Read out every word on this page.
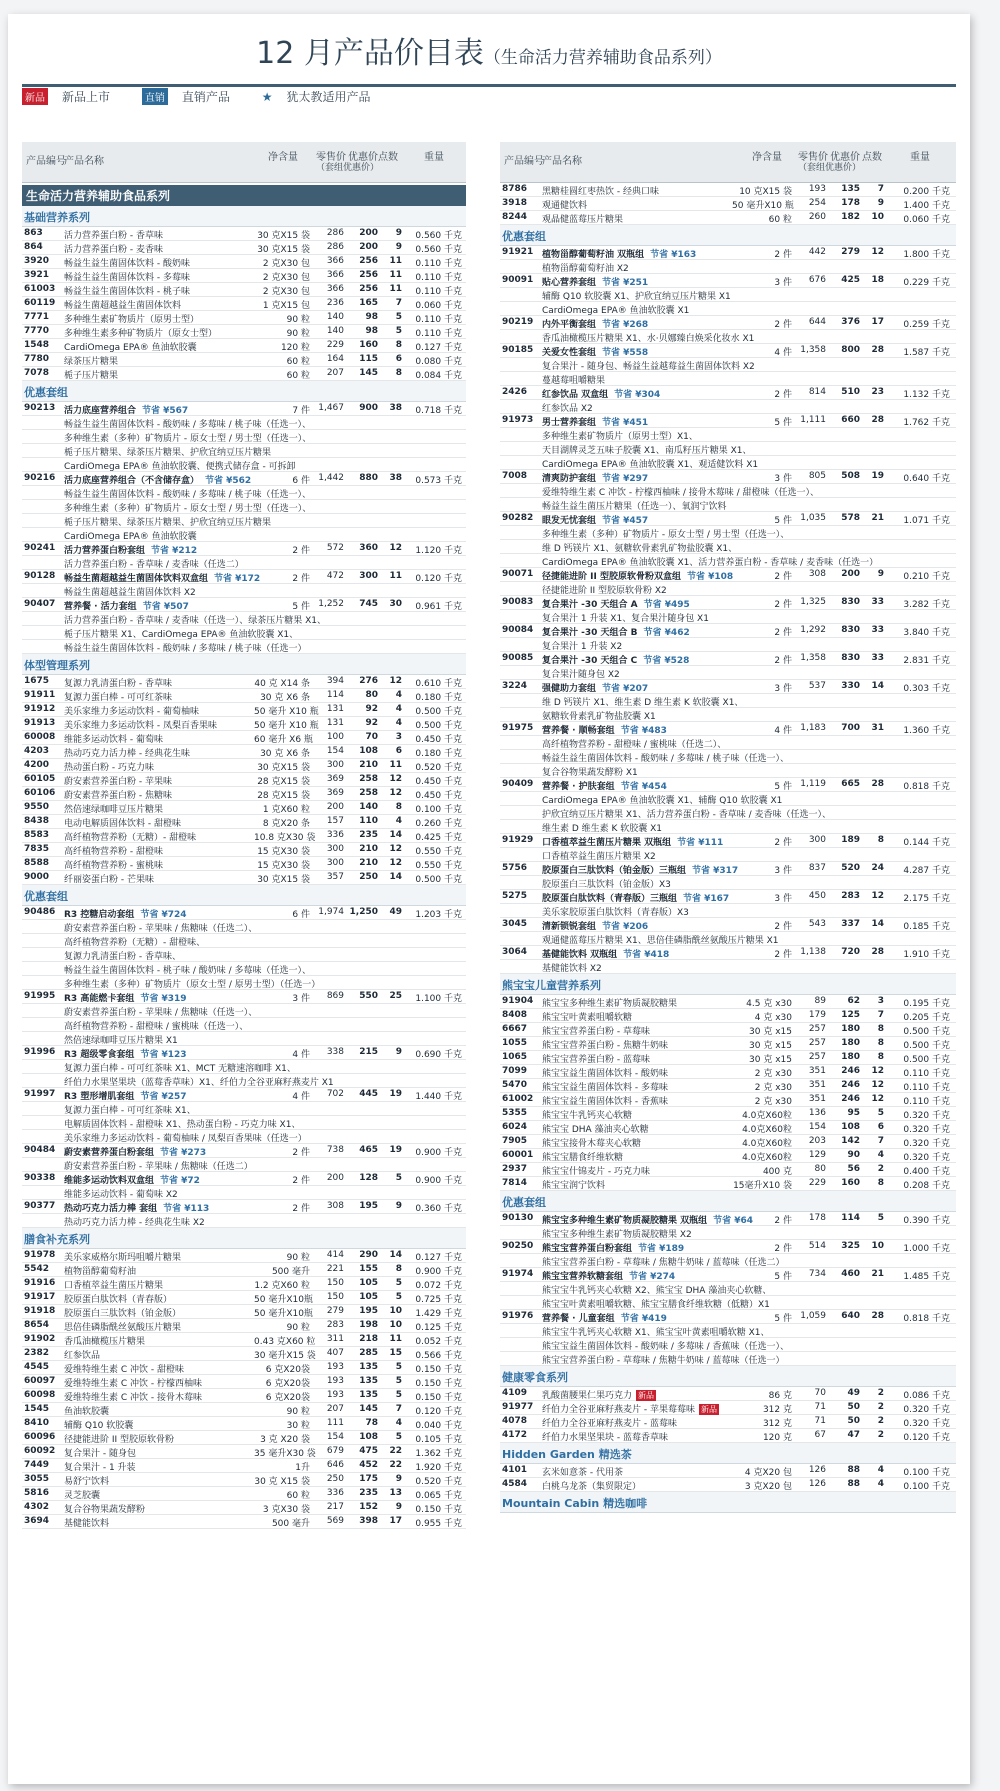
12 月产品价目表（生命活力营养辅助食品系列）
新品 新品上市	直销 直销产品	★ 犹太教适用产品
产品编号
产品名称	净含量 零售价 优惠价
（套组优惠价）
点数	重量
生命活力营养辅助食品系列
基础营养系列
863	活力营养蛋白粉 - 香草味	30 克X15 袋	286	200	9	0.560 千克
864	活力营养蛋白粉 - 麦香味	30 克X15 袋	286	200	9	0.560 千克
3920	畅益生益生菌固体饮料 - 酸奶味	2 克X30 包	366	256	11	0.110 千克
3921	畅益生益生菌固体饮料 - 多莓味	2 克X30 包	366	256	11	0.110 千克
61003 畅益生益生菌固体饮料 - 桃子味	2 克X30 包	366	256	11	0.110 千克
60119 畅益生菌超越益生菌固体饮料	1 克X15 包	236	165	7	0.060 千克
7771	多种维生素矿物质片（原男士型）	90 粒	140	98	5	0.110 千克
7770	多种维生素多种矿物质片（原女士型）	90 粒	140	98	5	0.110 千克
1548	CardiOmega EPA® 鱼油软胶囊	120 粒	229	160	8	0.127 千克
7780	绿茶压片糖果	60 粒	164	115	6	0.080 千克
7078	栀子压片糖果	60 粒	207	145	8	0.084 千克
优惠套组
90213 活力底座营养组合 节省 ¥567	7 件 1,467	900	38	0.718 千克
畅益生益生菌固体饮料 - 酸奶味 / 多莓味 / 桃子味（任选一）、
多种维生素（多种）矿物质片 - 原女士型 / 男士型（任选一）、
栀子压片糖果、绿茶压片糖果、护欣宜纳豆压片糖果
CardiOmega EPA® 鱼油软胶囊、便携式储存盒 - 可拆卸
90216 活力底座营养组合（不含储存盒） 节省 ¥562	6 件 1,442	880	38	0.573 千克
畅益生益生菌固体饮料 - 酸奶味 / 多莓味 / 桃子味（任选一）、
多种维生素（多种）矿物质片 - 原女士型 / 男士型（任选一）、
栀子压片糖果、绿茶压片糖果、护欣宜纳豆压片糖果
CardiOmega EPA® 鱼油软胶囊
90241 活力营养蛋白粉套组 节省 ¥212	2 件	572	360	12	1.120 千克
活力营养蛋白粉 - 香草味 / 麦香味（任选二）
90128 畅益生菌超越益生菌固体饮料双盒组 节省 ¥172	2 件	472	300	11	0.120 千克
畅益生菌超越益生菌固体饮料 X2
90407 营养餐 · 活力套组 节省 ¥507	5 件 1,252	745	30	0.961 千克
活力营养蛋白粉 - 香草味 / 麦香味（任选一）、绿茶压片糖果 X1、
栀子压片糖果 X1、CardiOmega EPA® 鱼油软胶囊 X1、
畅益生益生菌固体饮料 - 酸奶味 / 多莓味 / 桃子味（任选一）
体型管理系列
1675	复源力乳清蛋白粉 - 香草味	40 克 X14 条	394	276	12	0.610 千克
91911 复源力蛋白棒 - 可可红茶味	30 克 X6 条	114	80	4	0.180 千克
91912 美乐家维力多运动饮料 - 葡萄柚味	50 毫升 X10 瓶 131	92	4	0.500 千克
91913 美乐家维力多运动饮料 - 凤梨百香果味	50 毫升 X10 瓶 131	92	4	0.500 千克
60008 维能多运动饮料 - 葡萄味	60 毫升 X6 瓶	100	70	3	0.450 千克
4203	热动巧克力活力棒 - 经典花生味	30 克 X6 条	154	108	6	0.180 千克
4200	热动蛋白粉 - 巧克力味	30 克X15 袋	300	210	11	0.520 千克
60105 蔚安素营养蛋白粉 - 苹果味	28 克X15 袋	369	258	12	0.450 千克
60106 蔚安素营养蛋白粉 - 焦糖味	28 克X15 袋	369	258	12	0.450 千克
9550	然倍速绿咖啡豆压片糖果	1 克X60 粒	200	140	8	0.100 千克
8438	电动电解质固体饮料 - 甜橙味	8 克X20 条	157	110	4	0.260 千克
8583	高纤植物营养粉（无糖）- 甜橙味	10.8 克X30 袋	336	235	14	0.425 千克
7835	高纤植物营养粉 - 甜橙味	15 克X30 袋	300	210	12	0.550 千克
8588	高纤植物营养粉 - 蜜桃味	15 克X30 袋	300	210	12	0.550 千克
9000	纤丽姿蛋白粉 - 芒果味	30 克X15 袋	357	250	14	0.500 千克
优惠套组
90486 R3 控糖启动套组 节省 ¥724	6 件 1,974 1,250	49	1.203 千克
蔚安素营养蛋白粉 - 苹果味 / 焦糖味（任选二）、
高纤植物营养粉（无糖）- 甜橙味、
复源力乳清蛋白粉 - 香草味、
畅益生益生菌固体饮料 - 桃子味 / 酸奶味 / 多莓味（任选一）、
多种维生素（多种）矿物质片（原女士型 / 原男士型）（任选一）
91995 R3 高能燃卡套组 节省 ¥319	3 件	869	550	25	1.100 千克
蔚安素营养蛋白粉 - 苹果味 / 焦糖味（任选一）、
高纤植物营养粉 - 甜橙味 / 蜜桃味（任选一）、
然倍速绿咖啡豆压片糖果 X1
91996 R3 超级零食套组 节省 ¥123	4 件	338	215	9	0.690 千克
复源力蛋白棒 - 可可红茶味 X1、MCT 无糖速溶咖啡 X1、
纤伯力水果坚果块（蓝莓香草味）X1、纤伯力全谷亚麻籽燕麦片 X1
91997 R3 塑形增肌套组 节省 ¥257	4 件	702	445	19	1.440 千克
复源力蛋白棒 - 可可红茶味 X1、
电解质固体饮料 - 甜橙味 X1、热动蛋白粉 - 巧克力味 X1、
美乐家维力多运动饮料 - 葡萄柚味 / 凤梨百香果味（任选一）
90484 蔚安素营养蛋白粉套组 节省 ¥273	2 件	738	465	19	0.900 千克
蔚安素营养蛋白粉 - 苹果味 / 焦糖味（任选二）
90338 维能多运动饮料双盒组 节省 ¥72	2 件	200	128	5	0.900 千克
维能多运动饮料 - 葡萄味 X2
90377 热动巧克力活力棒 套组 节省 ¥113	2 件	308	195	9	0.360 千克
热动巧克力活力棒 - 经典花生味 X2
膳食补充系列
91978 美乐家威格尔斯玛咀嚼片糖果	90 粒	414	290	14	0.127 千克
5542	植物甾醇葡萄籽油	500 毫升	221	155	8	0.900 千克
91916 口香植萃益生菌压片糖果	1.2 克X60 粒	150	105	5	0.072 千克
91917 胶原蛋白肽饮料（青春版）	50 毫升X10瓶	150	105	5	0.725 千克
91918 胶原蛋白三肽饮料（铂金版）	50 毫升X10瓶	279	195	10	1.429 千克
8654	思倍佳磷脂酰丝氨酸压片糖果	90 粒	283	198	10	0.125 千克
91902 香瓜油橄榄压片糖果	0.43 克X60 粒	311	218	11	0.052 千克
2382	红参饮品	30 毫升X15 袋	407	285	15	0.566 千克
4545	爱维特维生素 C 冲饮 - 甜橙味	6 克X20袋	193	135	5	0.150 千克
60097 爱维特维生素 C 冲饮 - 柠檬西柚味	6 克X20袋	193	135	5	0.150 千克
60098 爱维特维生素 C 冲饮 - 接骨木莓味	6 克X20袋	193	135	5	0.150 千克
1545	鱼油软胶囊	90 粒	207	145	7	0.120 千克
8410	辅酶 Q10 软胶囊	30 粒	111	78	4	0.040 千克
60096 径捷能进阶 II 型胶原软骨粉	3 克 X20 袋	154	108	5	0.105 千克
60092 复合果汁 - 随身包	35 毫升X30 袋	679	475	22	1.362 千克
7449	复合果汁 - 1 升装	1升	646	452	22	1.920 千克
3055	易舒宁饮料	30 克 X15 袋	250	175	9	0.520 千克
5816	灵芝胶囊	60 粒	336	235	13	0.065 千克
4302	复合谷物果蔬发酵粉	3 克X30 袋	217	152	9	0.150 千克
3694	基健能饮料	500 毫升	569	398	17	0.955 千克
产品编号
产品名称	净含量 零售价 优惠价
（套组优惠价）
点数	重量
8786	黑糖桂圆红枣热饮 - 经典口味	10 克X15 袋	193	135	7	0.200 千克
3918	观通健饮料	50 毫升X10 瓶	254	178	9	1.400 千克
8244	观晶健蓝莓压片糖果	60 粒	260	182	10	0.060 千克
优惠套组
91921 植物甾醇葡萄籽油 双瓶组 节省 ¥163	2 件	442	279	12	1.800 千克
植物甾醇葡萄籽油 X2
90091 贴心营养套组 节省 ¥251	3 件	676	425	18	0.229 千克
辅酶 Q10 软胶囊 X1、护欣宜纳豆压片糖果 X1
CardiOmega EPA® 鱼油软胶囊 X1
90219 内外平衡套组 节省 ¥268	2 件	644	376	17	0.259 千克
香瓜油橄榄压片糖果 X1、水·贝娜臻白焕采化妆水 X1
90185 关爱女性套组 节省 ¥558	4 件 1,358	800	28	1.587 千克
复合果汁 - 随身包、畅益生益越莓益生菌固体饮料 X2
蔓越莓咀嚼糖果
2426	红参饮品 双盒组 节省 ¥304	2 件	814	510	23	1.132 千克
红参饮品 X2
91973 男士营养套组 节省 ¥451	5 件 1,111	660	28	1.762 千克
多种维生素矿物质片（原男士型）X1、
天目湖牌灵芝五味子胶囊 X1、南瓜籽压片糖果 X1、
CardiOmega EPA® 鱼油软胶囊 X1、观适健饮料 X1
7008	清爽防护套组 节省 ¥297	3 件	805	508	19	0.640 千克
爱维特维生素 C 冲饮 - 柠檬西柚味 / 接骨木莓味 / 甜橙味（任选一）、
畅益生益生菌压片糖果（任选一）、氧润宁饮料
90282 眼发无忧套组 节省 ¥457	5 件 1,035	578	21	1.071 千克
多种维生素（多种）矿物质片 - 原女士型 / 男士型（任选一）、
维 D 钙镁片 X1、氨糖软骨素乳矿物盐胶囊 X1、
CardiOmega EPA® 鱼油软胶囊 X1、活力营养蛋白粉 - 香草味 / 麦香味（任选一）
90071 径捷能进阶 II 型胶原软骨粉双盒组 节省 ¥108	2 件	308	200	9	0.210 千克
径捷能进阶 II 型胶原软骨粉 X2
90083 复合果汁 -30 天组合 A 节省 ¥495	2 件 1,325	830	33	3.282 千克
复合果汁 1 升装 X1、复合果汁随身包 X1
90084 复合果汁 -30 天组合 B 节省 ¥462	2 件 1,292	830	33	3.840 千克
复合果汁 1 升装 X2
90085 复合果汁 -30 天组合 C 节省 ¥528	2 件 1,358	830	33	2.831 千克
复合果汁随身包 X2
3224	强健助力套组 节省 ¥207	3 件	537	330	14	0.303 千克
维 D 钙镁片 X1、维生素 D 维生素 K 软胶囊 X1、
氨糖软骨素乳矿物盐胶囊 X1
91975 营养餐 · 顺畅套组 节省 ¥483	4 件 1,183	700	31	1.360 千克
高纤植物营养粉 - 甜橙味 / 蜜桃味（任选二）、
畅益生益生菌固体饮料 - 酸奶味 / 多莓味 / 桃子味（任选一）、
复合谷物果蔬发酵粉 X1
90409 营养餐 · 护肤套组 节省 ¥454	5 件 1,119	665	28	0.818 千克
CardiOmega EPA® 鱼油软胶囊 X1、辅酶 Q10 软胶囊 X1
护欣宜纳豆压片糖果 X1、活力营养蛋白粉 - 香草味 / 麦香味（任选一）、
维生素 D 维生素 K 软胶囊 X1
91929 口香植萃益生菌压片糖果 双瓶组 节省 ¥111	2 件	300	189	8	0.144 千克
口香植萃益生菌压片糖果 X2
5756	胶原蛋白三肽饮料（铂金版）三瓶组 节省 ¥317	3 件	837	520	24	4.287 千克
胶原蛋白三肽饮料（铂金版）X3
5275	胶原蛋白肽饮料（青春版）三瓶组 节省 ¥167	3 件	450	283	12	2.175 千克
美乐家胶原蛋白肽饮料（青春版）X3
3045	清新锁锐套组 节省 ¥206	2 件	543	337	14	0.185 千克
观通健蓝莓压片糖果 X1、思倍佳磷脂酰丝氨酸压片糖果 X1
3064	基健能饮料 双瓶组 节省 ¥418	2 件 1,138	720	28	1.910 千克
基健能饮料 X2
熊宝宝儿童营养系列
91904 熊宝宝多种维生素矿物质凝胶糖果	4.5 克 x30	89	62	3	0.195 千克
8408	熊宝宝叶黄素咀嚼软糖	4 克 x30	179	125	7	0.205 千克
6667	熊宝宝营养蛋白粉 - 草莓味	30 克 x15	257	180	8	0.500 千克
1055	熊宝宝营养蛋白粉 - 焦糖牛奶味	30 克 x15	257	180	8	0.500 千克
1065	熊宝宝营养蛋白粉 - 蓝莓味	30 克 x15	257	180	8	0.500 千克
7099	熊宝宝益生菌固体饮料 - 酸奶味	2 克 x30	351	246	12	0.110 千克
5470	熊宝宝益生菌固体饮料 - 多莓味	2 克 x30	351	246	12	0.110 千克
61002 熊宝宝益生菌固体饮料 - 香蕉味	2 克 x30	351	246	12	0.110 千克
5355	熊宝宝牛乳钙夹心软糖	4.0克X60粒	136	95	5	0.320 千克
6024	熊宝宝 DHA 藻油夹心软糖	4.0克X60粒	154	108	6	0.320 千克
7905	熊宝宝接骨木莓夹心软糖	4.0克X60粒	203	142	7	0.320 千克
60001 熊宝宝膳食纤维软糖	4.0克X60粒	129	90	4	0.320 千克
2937	熊宝宝什锦麦片 - 巧克力味	400 克	80	56	2	0.400 千克
7814	熊宝宝润宁饮料	15毫升X10 袋	229	160	8	0.208 千克
优惠套组
90130 熊宝宝多种维生素矿物质凝胶糖果 双瓶组 节省 ¥64	2 件	178	114	5	0.390 千克
熊宝宝多种维生素矿物质凝胶糖果 X2
90250 熊宝宝营养蛋白粉套组 节省 ¥189	2 件	514	325	10	1.000 千克
熊宝宝营养蛋白粉 - 草莓味 / 焦糖牛奶味 / 蓝莓味（任选二）
91974 熊宝宝营养软糖套组 节省 ¥274	5 件	734	460	21	1.485 千克
熊宝宝牛乳钙夹心软糖 X2、熊宝宝 DHA 藻油夹心软糖、
熊宝宝叶黄素咀嚼软糖、熊宝宝膳食纤维软糖（低糖）X1
91976 营养餐 · 儿童套组 节省 ¥419	5 件 1,059	640	28	0.818 千克
熊宝宝牛乳钙夹心软糖 X1、熊宝宝叶黄素咀嚼软糖 X1、
熊宝宝益生菌固体饮料 - 酸奶味 / 多莓味 / 香蕉味（任选一）、
熊宝宝营养蛋白粉 - 草莓味 / 焦糖牛奶味 / 蓝莓味（任选一）
健康零食系列
4109	乳酸菌腰果仁果巧克力 新品	86 克	70	49	2	0.086 千克
91977 纤伯力全谷亚麻籽燕麦片 - 苹果莓莓味 新品	312 克	71	50	2	0.320 千克
4078	纤伯力全谷亚麻籽燕麦片 - 蓝莓味	312 克	71	50	2	0.320 千克
4172	纤伯力水果坚果块 - 蓝莓香草味	120 克	67	47	2	0.120 千克
Hidden Garden 精选茶
4101	玄米如意茶 - 代用茶	4 克X20 包	126	88	4	0.100 千克
4584	白桃乌龙茶（集贸限定）	3 克X20 包	126	88	4	0.100 千克
Mountain Cabin 精选咖啡
